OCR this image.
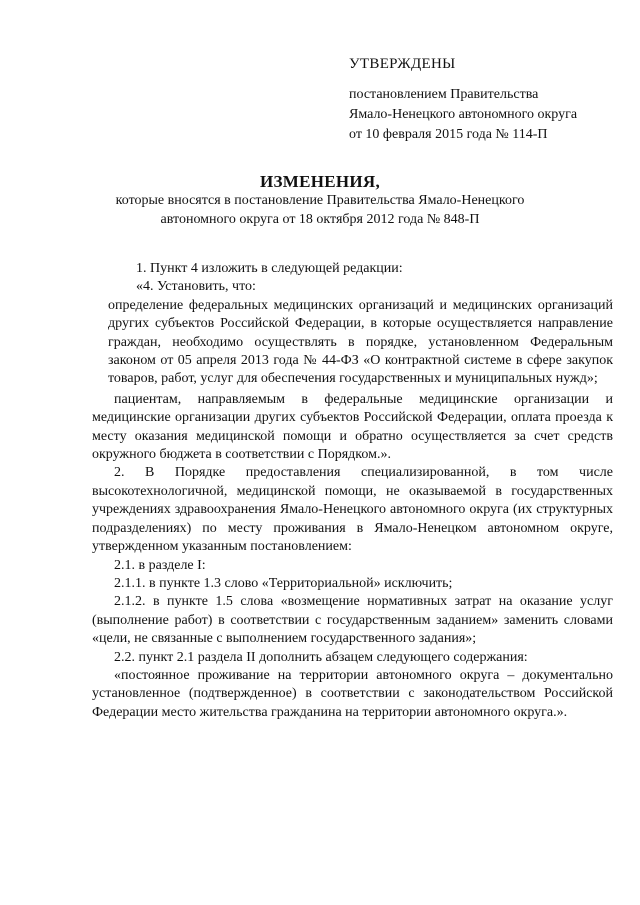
УТВЕРЖДЕНЫ
постановлением Правительства
Ямало-Ненецкого автономного округа
от 10 февраля 2015 года № 114-П
ИЗМЕНЕНИЯ,
которые вносятся в постановление Правительства Ямало-Ненецкого
автономного округа от 18 октября 2012 года № 848-П

1. Пункт 4 изложить в следующей редакции:

«4. Установить, что:

определение федеральных медицинских организаций и медицинских организаций других субъектов Российской Федерации, в которые осуществляется направление граждан, необходимо осуществлять в порядке, установленном Федеральным законом от 05 апреля 2013 года № 44-ФЗ «О контрактной системе в сфере закупок товаров, работ, услуг для обеспечения государственных и муниципальных нужд»;

пациентам, направляемым в федеральные медицинские организации и медицинские организации других субъектов Российской Федерации, оплата проезда к месту оказания медицинской помощи и обратно осуществляется за счет средств окружного бюджета в соответствии с Порядком.».

2. В Порядке предоставления специализированной, в том числе высокотехнологичной, медицинской помощи, не оказываемой в государственных учреждениях здравоохранения Ямало-Ненецкого автономного округа (их структурных подразделениях) по месту проживания в Ямало-Ненецком автономном округе, утвержденном указанным постановлением:

2.1. в разделе I:

2.1.1. в пункте 1.3 слово «Территориальной» исключить;

2.1.2. в пункте 1.5 слова «возмещение нормативных затрат на оказание услуг (выполнение работ) в соответствии с государственным заданием» заменить словами «цели, не связанные с выполнением государственного задания»;

2.2. пункт 2.1 раздела II дополнить абзацем следующего содержания:

«постоянное проживание на территории автономного округа – документально установленное (подтвержденное) в соответствии с законодательством Российской Федерации место жительства гражданина на территории автономного округа.».
